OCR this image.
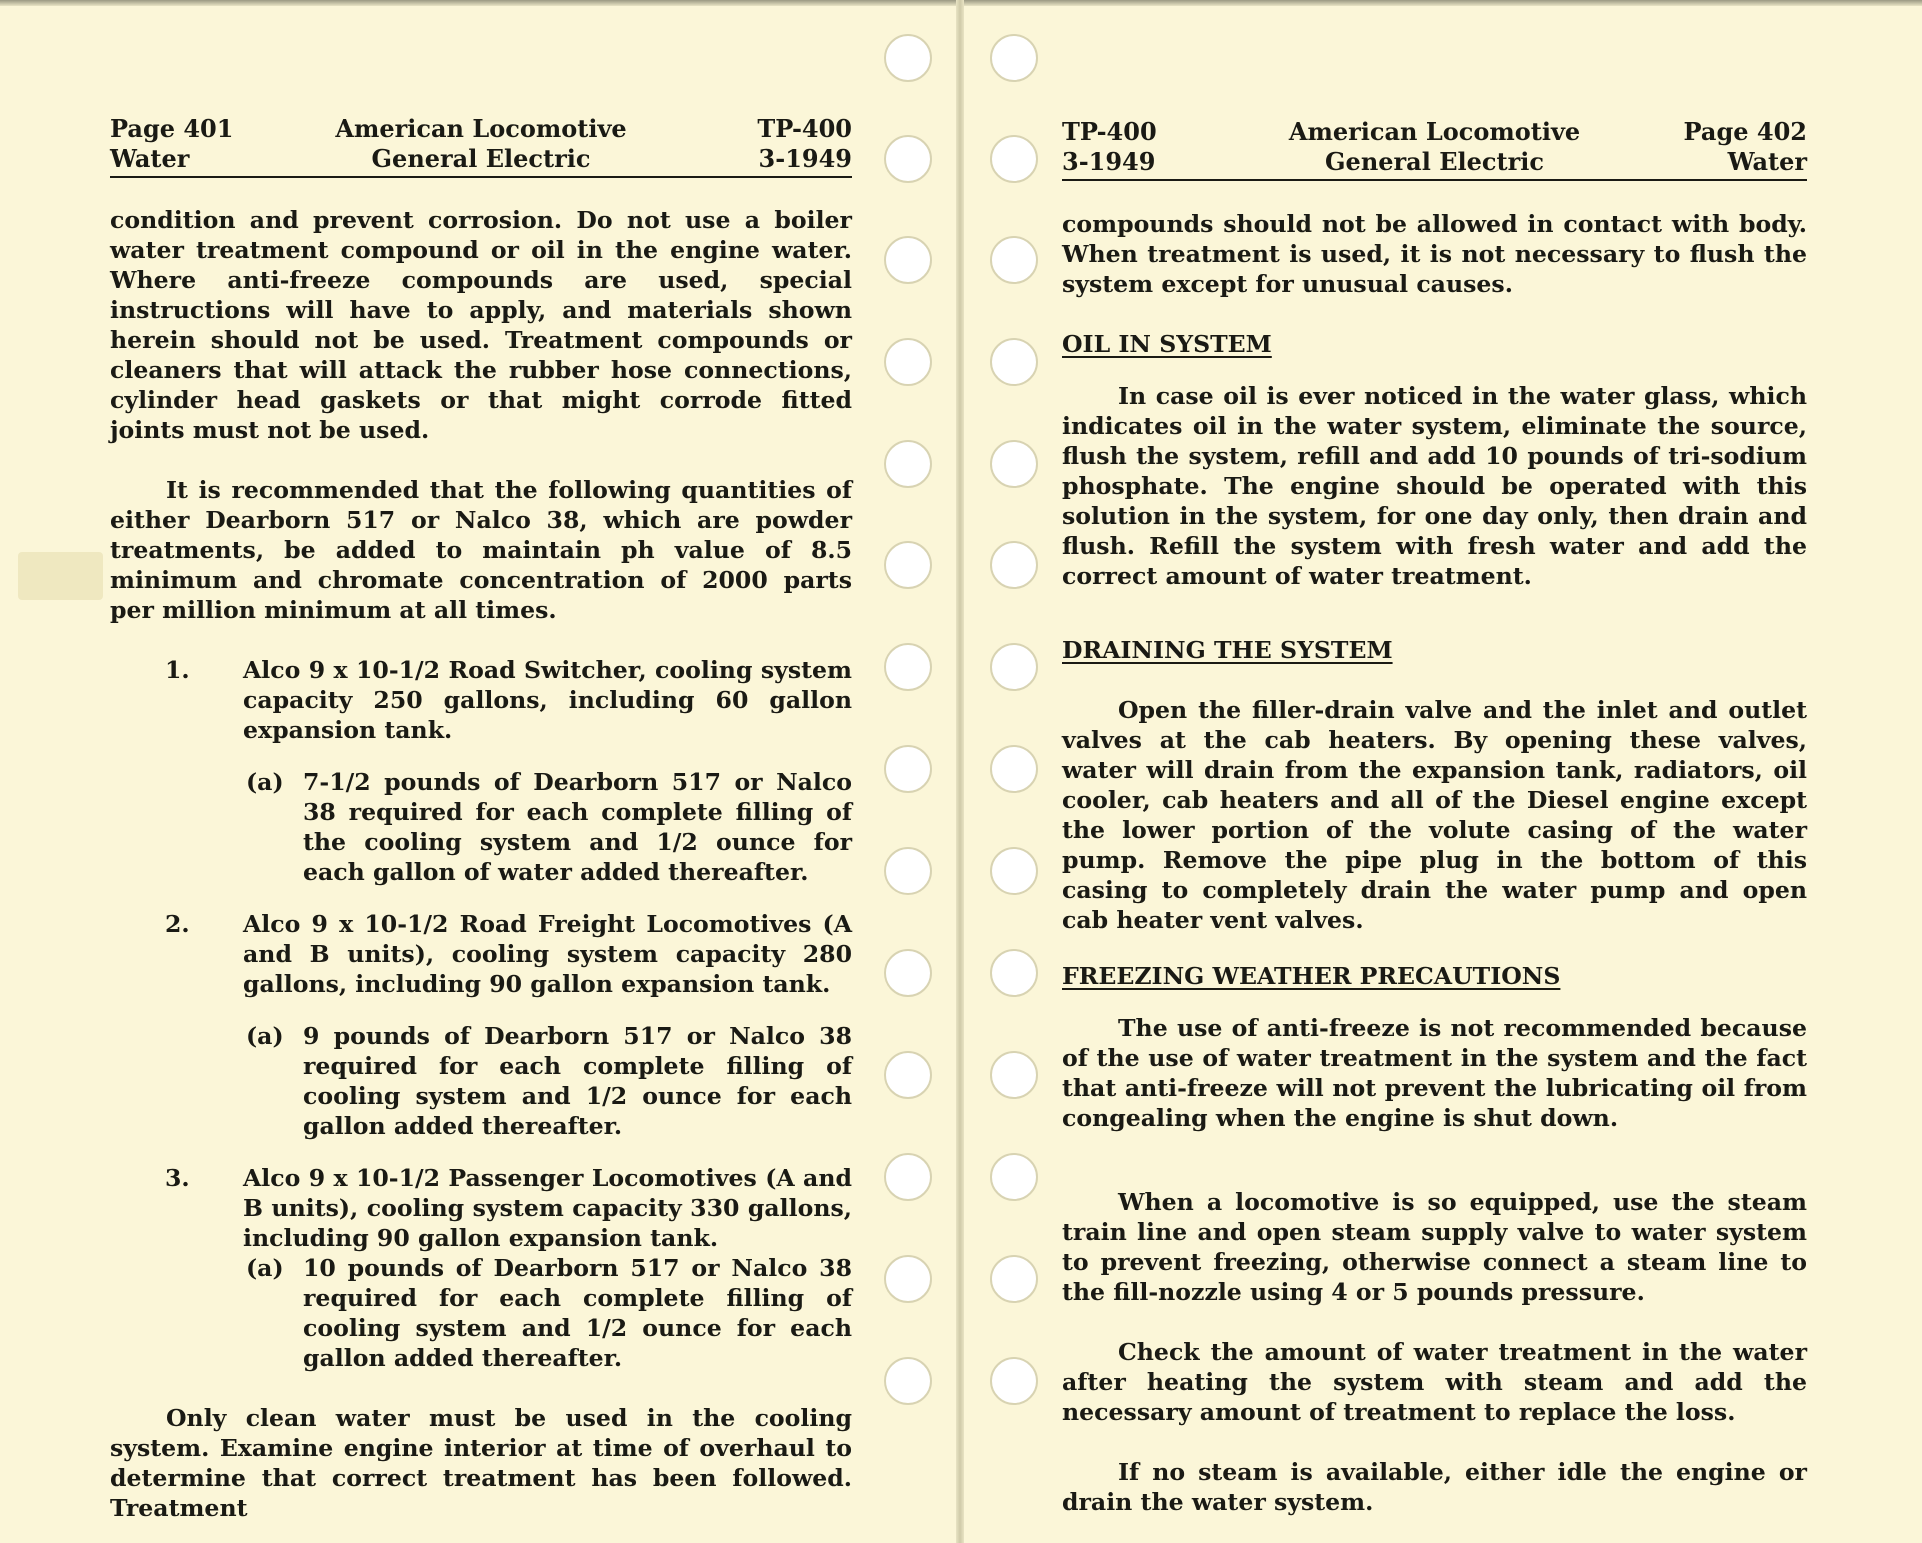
Page 401
Water
American Locomotive
General Electric
TP-400
3-1949

condition and prevent corrosion. Do not use a boiler water treatment compound or oil in the engine water. Where anti-freeze compounds are used, special instructions will have to apply, and materials shown herein should not be used. Treatment compounds or cleaners that will attack the rubber hose connections, cylinder head gaskets or that might corrode fitted joints must not be used.

It is recommended that the following quantities of either Dearborn 517 or Nalco 38, which are powder treatments, be added to maintain ph value of 8.5 minimum and chromate concentration of 2000 parts per million minimum at all times.

1. Alco 9 x 10-1/2 Road Switcher, cooling system capacity 250 gallons, including 60 gallon expansion tank.
(a) 7-1/2 pounds of Dearborn 517 or Nalco 38 required for each complete filling of the cooling system and 1/2 ounce for each gallon of water added thereafter.
2. Alco 9 x 10-1/2 Road Freight Locomotives (A and B units), cooling system capacity 280 gallons, including 90 gallon expansion tank.
(a) 9 pounds of Dearborn 517 or Nalco 38 required for each complete filling of cooling system and 1/2 ounce for each gallon added thereafter.
3. Alco 9 x 10-1/2 Passenger Locomotives (A and B units), cooling system capacity 330 gallons, including 90 gallon expansion tank.
(a) 10 pounds of Dearborn 517 or Nalco 38 required for each complete filling of cooling system and 1/2 ounce for each gallon added thereafter.

Only clean water must be used in the cooling system. Examine engine interior at time of overhaul to determine that correct treatment has been followed. Treatment

TP-400
3-1949
American Locomotive
General Electric
Page 402
Water

compounds should not be allowed in contact with body. When treatment is used, it is not necessary to flush the system except for unusual causes.

OIL IN SYSTEM

In case oil is ever noticed in the water glass, which indicates oil in the water system, eliminate the source, flush the system, refill and add 10 pounds of tri-sodium phosphate. The engine should be operated with this solution in the system, for one day only, then drain and flush. Refill the system with fresh water and add the correct amount of water treatment.

DRAINING THE SYSTEM

Open the filler-drain valve and the inlet and outlet valves at the cab heaters. By opening these valves, water will drain from the expansion tank, radiators, oil cooler, cab heaters and all of the Diesel engine except the lower portion of the volute casing of the water pump. Remove the pipe plug in the bottom of this casing to completely drain the water pump and open cab heater vent valves.

FREEZING WEATHER PRECAUTIONS

The use of anti-freeze is not recommended because of the use of water treatment in the system and the fact that anti-freeze will not prevent the lubricating oil from congealing when the engine is shut down.

When a locomotive is so equipped, use the steam train line and open steam supply valve to water system to prevent freezing, otherwise connect a steam line to the fill-nozzle using 4 or 5 pounds pressure.

Check the amount of water treatment in the water after heating the system with steam and add the necessary amount of treatment to replace the loss.

If no steam is available, either idle the engine or drain the water system.
